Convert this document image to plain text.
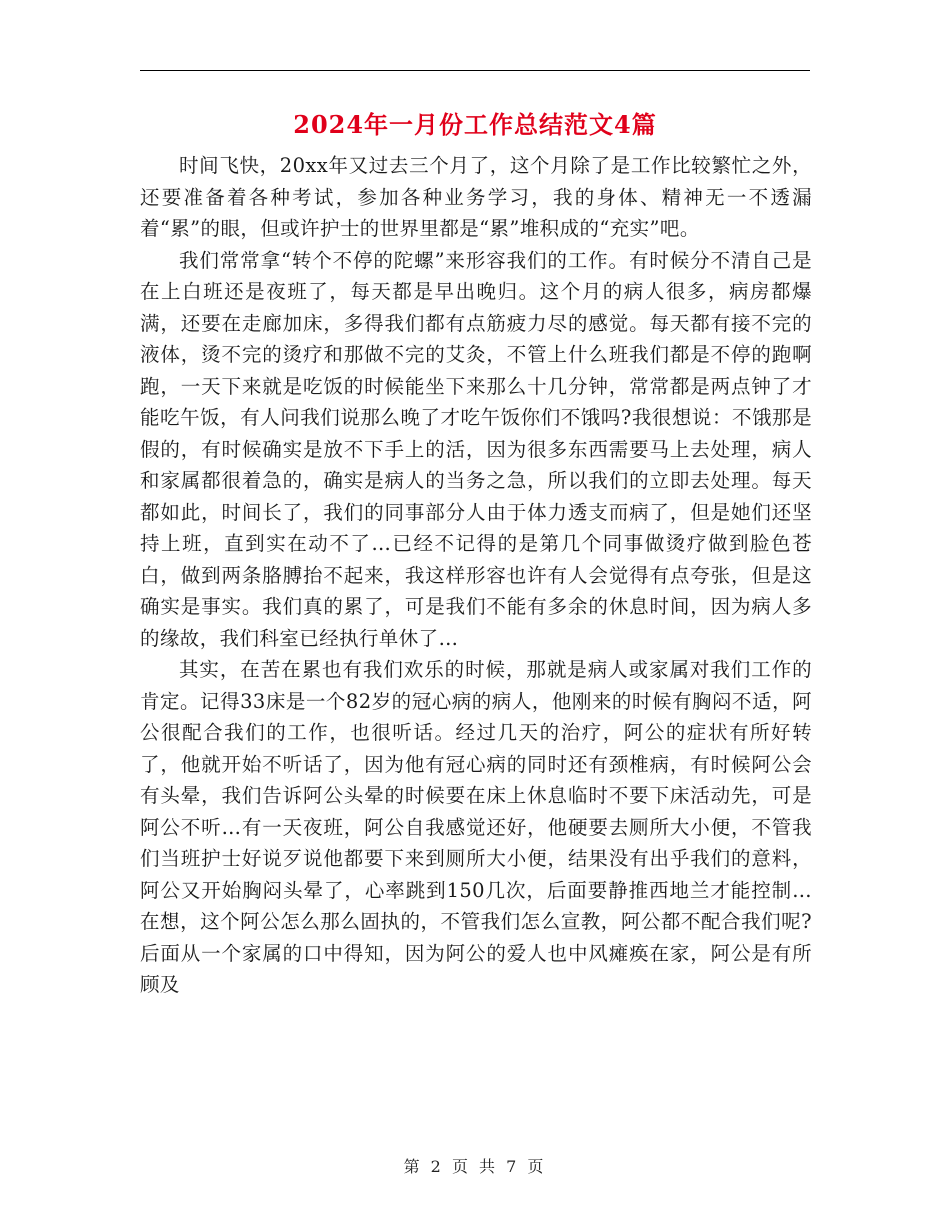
2024年一月份工作总结范文4篇

时间飞快，20xx年又过去三个月了，这个月除了是工作比较繁忙之外，还要准备着各种考试，参加各种业务学习，我的身体、精神无一不透漏着“累”的眼，但或许护士的世界里都是“累”堆积成的“充实”吧。

我们常常拿“转个不停的陀螺”来形容我们的工作。有时候分不清自己是在上白班还是夜班了，每天都是早出晚归。这个月的病人很多，病房都爆满，还要在走廊加床，多得我们都有点筋疲力尽的感觉。每天都有接不完的液体，烫不完的烫疗和那做不完的艾灸，不管上什么班我们都是不停的跑啊跑，一天下来就是吃饭的时候能坐下来那么十几分钟，常常都是两点钟了才能吃午饭，有人问我们说那么晚了才吃午饭你们不饿吗?我很想说：不饿那是假的，有时候确实是放不下手上的活，因为很多东西需要马上去处理，病人和家属都很着急的，确实是病人的当务之急，所以我们的立即去处理。每天都如此，时间长了，我们的同事部分人由于体力透支而病了，但是她们还坚持上班，直到实在动不了…已经不记得的是第几个同事做烫疗做到脸色苍白，做到两条胳膊抬不起来，我这样形容也许有人会觉得有点夸张，但是这确实是事实。我们真的累了，可是我们不能有多余的休息时间，因为病人多的缘故，我们科室已经执行单休了…

其实，在苦在累也有我们欢乐的时候，那就是病人或家属对我们工作的肯定。记得33床是一个82岁的冠心病的病人，他刚来的时候有胸闷不适，阿公很配合我们的工作，也很听话。经过几天的治疗，阿公的症状有所好转了，他就开始不听话了，因为他有冠心病的同时还有颈椎病，有时候阿公会有头晕，我们告诉阿公头晕的时候要在床上休息临时不要下床活动先，可是阿公不听…有一天夜班，阿公自我感觉还好，他硬要去厕所大小便，不管我们当班护士好说歹说他都要下来到厕所大小便，结果没有出乎我们的意料，阿公又开始胸闷头晕了，心率跳到150几次，后面要静推西地兰才能控制…在想，这个阿公怎么那么固执的，不管我们怎么宣教，阿公都不配合我们呢?后面从一个家属的口中得知，因为阿公的爱人也中风瘫痪在家，阿公是有所顾及

第 2 页 共 7 页
